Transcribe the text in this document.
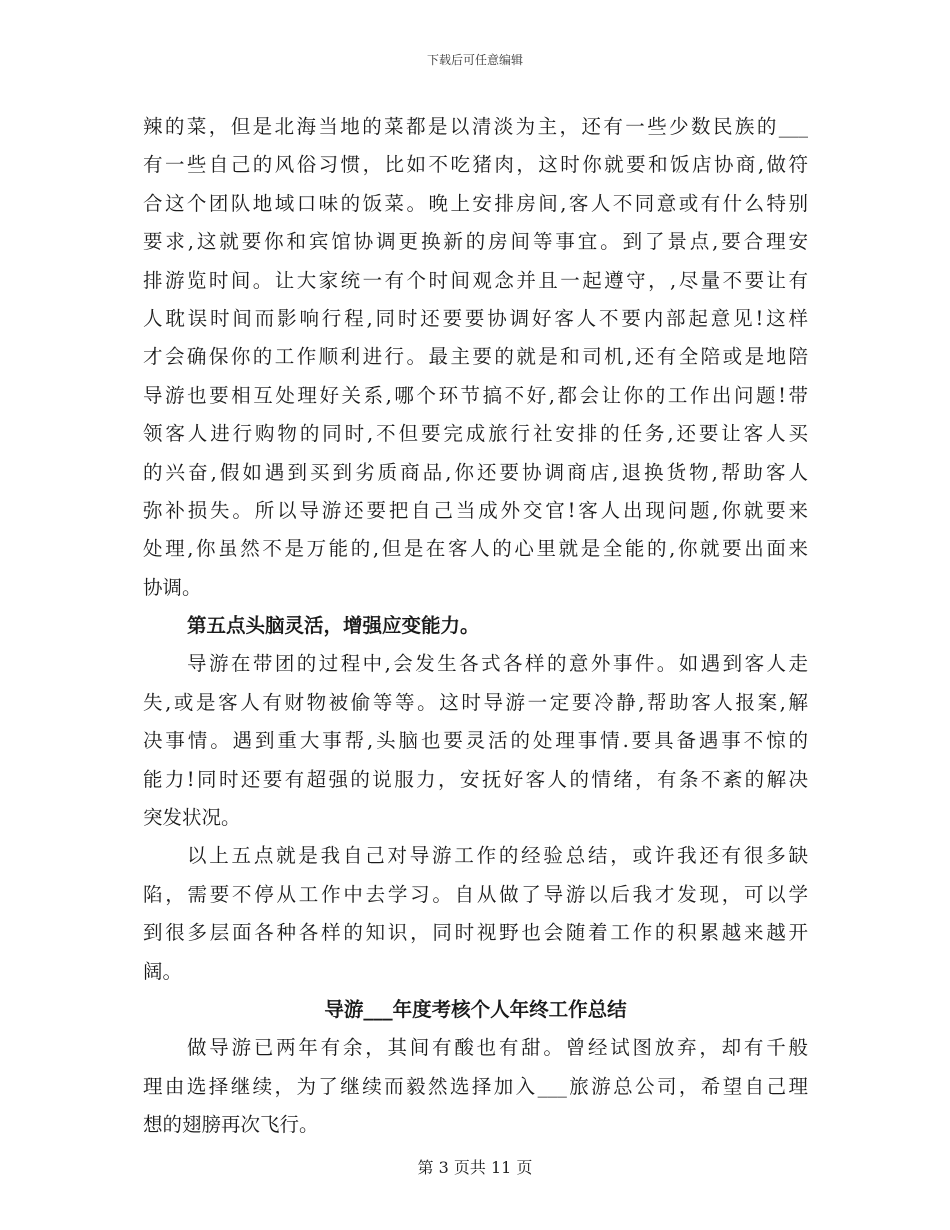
下载后可任意编辑
辣的菜，但是北海当地的菜都是以清淡为主，还有一些少数民族的___
有一些自己的风俗习惯，比如不吃猪肉，这时你就要和饭店协商,做符
合这个团队地域口味的饭菜。晚上安排房间,客人不同意或有什么特别
要求,这就要你和宾馆协调更换新的房间等事宜。到了景点,要合理安
排游览时间。让大家统一有个时间观念并且一起遵守，,尽量不要让有
人耽误时间而影响行程,同时还要要协调好客人不要内部起意见!这样
才会确保你的工作顺利进行。最主要的就是和司机,还有全陪或是地陪
导游也要相互处理好关系,哪个环节搞不好,都会让你的工作出问题!带
领客人进行购物的同时,不但要完成旅行社安排的任务,还要让客人买
的兴奋,假如遇到买到劣质商品,你还要协调商店,退换货物,帮助客人
弥补损失。所以导游还要把自己当成外交官!客人出现问题,你就要来
处理,你虽然不是万能的,但是在客人的心里就是全能的,你就要出面来
协调。
第五点头脑灵活，增强应变能力。
导游在带团的过程中,会发生各式各样的意外事件。如遇到客人走
失,或是客人有财物被偷等等。这时导游一定要冷静,帮助客人报案,解
决事情。遇到重大事帮,头脑也要灵活的处理事情.要具备遇事不惊的
能力!同时还要有超强的说服力，安抚好客人的情绪，有条不紊的解决
突发状况。
以上五点就是我自己对导游工作的经验总结，或许我还有很多缺
陷，需要不停从工作中去学习。自从做了导游以后我才发现，可以学
到很多层面各种各样的知识，同时视野也会随着工作的积累越来越开
阔。
导游___年度考核个人年终工作总结
做导游已两年有余，其间有酸也有甜。曾经试图放弃，却有千般
理由选择继续，为了继续而毅然选择加入___旅游总公司，希望自己理
想的翅膀再次飞行。
第 3 页共 11 页
